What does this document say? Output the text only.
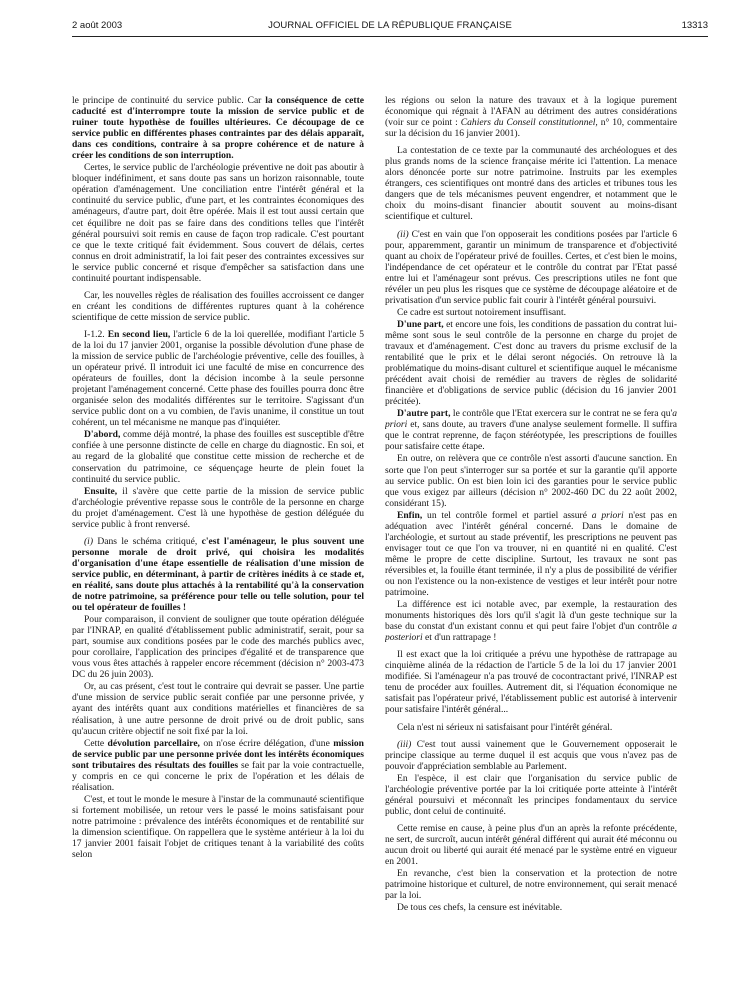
2 août 2003	JOURNAL OFFICIEL DE LA RÉPUBLIQUE FRANÇAISE	13313

le principe de continuité du service public. Car la conséquence de cette caducité est d'interrompre toute la mission de service public et de ruiner toute hypothèse de fouilles ultérieures. Ce découpage de ce service public en différentes phases contraintes par des délais apparaît, dans ces conditions, contraire à sa propre cohérence et de nature à créer les conditions de son interruption.

Certes, le service public de l'archéologie préventive ne doit pas aboutir à bloquer indéfiniment, et sans doute pas sans un horizon raisonnable, toute opération d'aménagement. Une conciliation entre l'intérêt général et la continuité du service public, d'une part, et les contraintes économiques des aménageurs, d'autre part, doit être opérée. Mais il est tout aussi certain que cet équilibre ne doit pas se faire dans des conditions telles que l'intérêt général poursuivi soit remis en cause de façon trop radicale. C'est pourtant ce que le texte critiqué fait évidemment. Sous couvert de délais, certes connus en droit administratif, la loi fait peser des contraintes excessives sur le service public concerné et risque d'empêcher sa satisfaction dans une continuité pourtant indispensable.

Car, les nouvelles règles de réalisation des fouilles accroissent ce danger en créant les conditions de différentes ruptures quant à la cohérence scientifique de cette mission de service public.

I-1.2. En second lieu, l'article 6 de la loi querellée, modifiant l'article 5 de la loi du 17 janvier 2001, organise la possible dévolution d'une phase de la mission de service public de l'archéologie préventive, celle des fouilles, à un opérateur privé. Il introduit ici une faculté de mise en concurrence des opérateurs de fouilles, dont la décision incombe à la seule personne projetant l'aménagement concerné. Cette phase des fouilles pourra donc être organisée selon des modalités différentes sur le territoire. S'agissant d'un service public dont on a vu combien, de l'avis unanime, il constitue un tout cohérent, un tel mécanisme ne manque pas d'inquiéter.

D'abord, comme déjà montré, la phase des fouilles est susceptible d'être confiée à une personne distincte de celle en charge du diagnostic. En soi, et au regard de la globalité que constitue cette mission de recherche et de conservation du patrimoine, ce séquençage heurte de plein fouet la continuité du service public.

Ensuite, il s'avère que cette partie de la mission de service public d'archéologie préventive repasse sous le contrôle de la personne en charge du projet d'aménagement. C'est là une hypothèse de gestion déléguée du service public à front renversé.

(i) Dans le schéma critiqué, c'est l'aménageur, le plus souvent une personne morale de droit privé, qui choisira les modalités d'organisation d'une étape essentielle de réalisation d'une mission de service public, en déterminant, à partir de critères inédits à ce stade et, en réalité, sans doute plus attachés à la rentabilité qu'à la conservation de notre patrimoine, sa préférence pour telle ou telle solution, pour tel ou tel opérateur de fouilles !

Pour comparaison, il convient de souligner que toute opération déléguée par l'INRAP, en qualité d'établissement public administratif, serait, pour sa part, soumise aux conditions posées par le code des marchés publics avec, pour corollaire, l'application des principes d'égalité et de transparence que vous vous êtes attachés à rappeler encore récemment (décision n° 2003-473 DC du 26 juin 2003).

Or, au cas présent, c'est tout le contraire qui devrait se passer. Une partie d'une mission de service public serait confiée par une personne privée, y ayant des intérêts quant aux conditions matérielles et financières de sa réalisation, à une autre personne de droit privé ou de droit public, sans qu'aucun critère objectif ne soit fixé par la loi.

Cette dévolution parcellaire, on n'ose écrire délégation, d'une mission de service public par une personne privée dont les intérêts économiques sont tributaires des résultats des fouilles se fait par la voie contractuelle, y compris en ce qui concerne le prix de l'opération et les délais de réalisation.

C'est, et tout le monde le mesure à l'instar de la communauté scientifique si fortement mobilisée, un retour vers le passé le moins satisfaisant pour notre patrimoine : prévalence des intérêts économiques et de rentabilité sur la dimension scientifique. On rappellera que le système antérieur à la loi du 17 janvier 2001 faisait l'objet de critiques tenant à la variabilité des coûts selon

les régions ou selon la nature des travaux et à la logique purement économique qui régnait à l'AFAN au détriment des autres considérations (voir sur ce point : Cahiers du Conseil constitutionnel, n° 10, commentaire sur la décision du 16 janvier 2001).

La contestation de ce texte par la communauté des archéologues et des plus grands noms de la science française mérite ici l'attention. La menace alors dénoncée porte sur notre patrimoine. Instruits par les exemples étrangers, ces scientifiques ont montré dans des articles et tribunes tous les dangers que de tels mécanismes peuvent engendrer, et notamment que le choix du moins-disant financier aboutit souvent au moins-disant scientifique et culturel.

(ii) C'est en vain que l'on opposerait les conditions posées par l'article 6 pour, apparemment, garantir un minimum de transparence et d'objectivité quant au choix de l'opérateur privé de fouilles. Certes, et c'est bien le moins, l'indépendance de cet opérateur et le contrôle du contrat par l'Etat passé entre lui et l'aménageur sont prévus. Ces prescriptions utiles ne font que révéler un peu plus les risques que ce système de découpage aléatoire et de privatisation d'un service public fait courir à l'intérêt général poursuivi.

Ce cadre est surtout notoirement insuffisant.

D'une part, et encore une fois, les conditions de passation du contrat lui-même sont sous le seul contrôle de la personne en charge du projet de travaux et d'aménagement. C'est donc au travers du prisme exclusif de la rentabilité que le prix et le délai seront négociés. On retrouve là la problématique du moins-disant culturel et scientifique auquel le mécanisme précédent avait choisi de remédier au travers de règles de solidarité financière et d'obligations de service public (décision du 16 janvier 2001 précitée).

D'autre part, le contrôle que l'Etat exercera sur le contrat ne se fera qu'a priori et, sans doute, au travers d'une analyse seulement formelle. Il suffira que le contrat reprenne, de façon stéréotypée, les prescriptions de fouilles pour satisfaire cette étape.

En outre, on relèvera que ce contrôle n'est assorti d'aucune sanction. En sorte que l'on peut s'interroger sur sa portée et sur la garantie qu'il apporte au service public. On est bien loin ici des garanties pour le service public que vous exigez par ailleurs (décision n° 2002-460 DC du 22 août 2002, considérant 15).

Enfin, un tel contrôle formel et partiel assuré a priori n'est pas en adéquation avec l'intérêt général concerné. Dans le domaine de l'archéologie, et surtout au stade préventif, les prescriptions ne peuvent pas envisager tout ce que l'on va trouver, ni en quantité ni en qualité. C'est même le propre de cette discipline. Surtout, les travaux ne sont pas réversibles et, la fouille étant terminée, il n'y a plus de possibilité de vérifier ou non l'existence ou la non-existence de vestiges et leur intérêt pour notre patrimoine.

La différence est ici notable avec, par exemple, la restauration des monuments historiques dès lors qu'il s'agit là d'un geste technique sur la base du constat d'un existant connu et qui peut faire l'objet d'un contrôle a posteriori et d'un rattrapage !

Il est exact que la loi critiquée a prévu une hypothèse de rattrapage au cinquième alinéa de la rédaction de l'article 5 de la loi du 17 janvier 2001 modifiée. Si l'aménageur n'a pas trouvé de cocontractant privé, l'INRAP est tenu de procéder aux fouilles. Autrement dit, si l'équation économique ne satisfait pas l'opérateur privé, l'établissement public est autorisé à intervenir pour satisfaire l'intérêt général...

Cela n'est ni sérieux ni satisfaisant pour l'intérêt général.

(iii) C'est tout aussi vainement que le Gouvernement opposerait le principe classique au terme duquel il est acquis que vous n'avez pas de pouvoir d'appréciation semblable au Parlement.

En l'espèce, il est clair que l'organisation du service public de l'archéologie préventive portée par la loi critiquée porte atteinte à l'intérêt général poursuivi et méconnaît les principes fondamentaux du service public, dont celui de continuité.

Cette remise en cause, à peine plus d'un an après la refonte précédente, ne sert, de surcroît, aucun intérêt général différent qui aurait été méconnu ou aucun droit ou liberté qui aurait été menacé par le système entré en vigueur en 2001.

En revanche, c'est bien la conservation et la protection de notre patrimoine historique et culturel, de notre environnement, qui serait menacé par la loi.

De tous ces chefs, la censure est inévitable.
